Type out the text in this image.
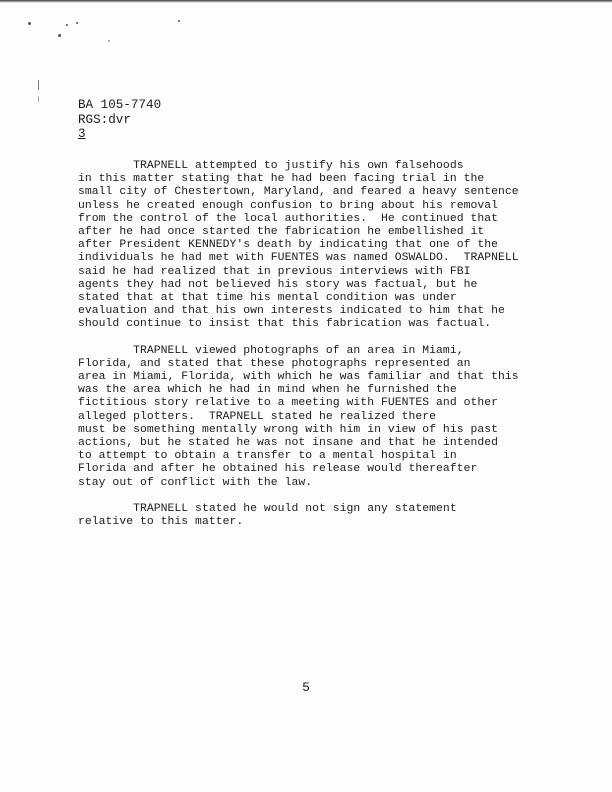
BA 105-7740
RGS:dvr
3
TRAPNELL attempted to justify his own falsehoods
in this matter stating that he had been facing trial in the
small city of Chestertown, Maryland, and feared a heavy sentence
unless he created enough confusion to bring about his removal
from the control of the local authorities.  He continued that
after he had once started the fabrication he embellished it
after President KENNEDY's death by indicating that one of the
individuals he had met with FUENTES was named OSWALDO.  TRAPNELL
said he had realized that in previous interviews with FBI
agents they had not believed his story was factual, but he
stated that at that time his mental condition was under
evaluation and that his own interests indicated to him that he
should continue to insist that this fabrication was factual.
TRAPNELL viewed photographs of an area in Miami,
Florida, and stated that these photographs represented an
area in Miami, Florida, with which he was familiar and that this
was the area which he had in mind when he furnished the
fictitious story relative to a meeting with FUENTES and other
alleged plotters.  TRAPNELL stated he realized there
must be something mentally wrong with him in view of his past
actions, but he stated he was not insane and that he intended
to attempt to obtain a transfer to a mental hospital in
Florida and after he obtained his release would thereafter
stay out of conflict with the law.
TRAPNELL stated he would not sign any statement
relative to this matter.
5
